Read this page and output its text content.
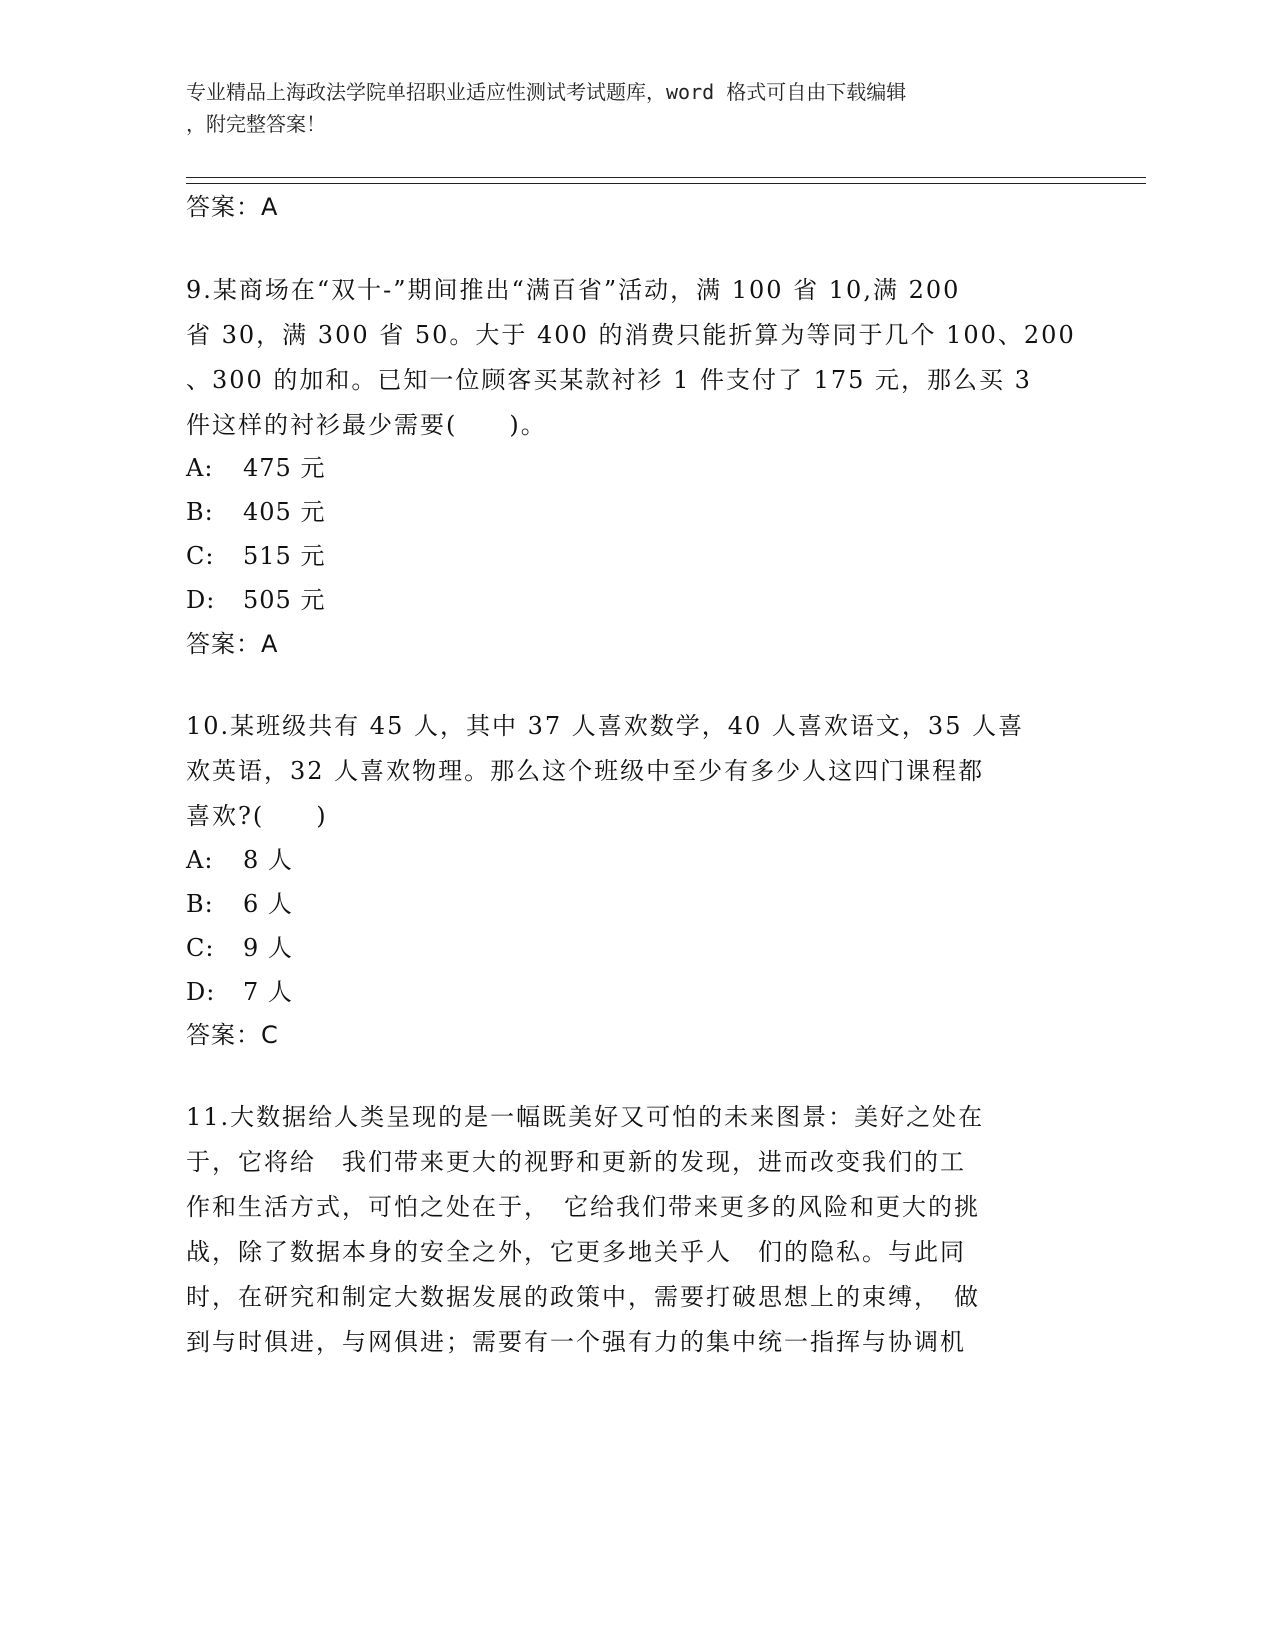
专业精品上海政法学院单招职业适应性测试考试题库，word 格式可自由下载编辑
，附完整答案！
答案：A
9.某商场在“双十-”期间推出“满百省”活动，满 100 省 10,满 200
省 30，满 300 省 50。大于 400 的消费只能折算为等同于几个 100、200
、300 的加和。已知一位顾客买某款衬衫 1 件支付了 175 元，那么买 3
件这样的衬衫最少需要(　　)。
A: 475 元
B: 405 元
C: 515 元
D: 505 元
答案：A
10.某班级共有 45 人，其中 37 人喜欢数学，40 人喜欢语文，35 人喜
欢英语，32 人喜欢物理。那么这个班级中至少有多少人这四门课程都
喜欢?(　　)
A: 8 人
B: 6 人
C: 9 人
D: 7 人
答案：C
11.大数据给人类呈现的是一幅既美好又可怕的未来图景：美好之处在
于，它将给　我们带来更大的视野和更新的发现，进而改变我们的工
作和生活方式，可怕之处在于，　它给我们带来更多的风险和更大的挑
战，除了数据本身的安全之外，它更多地关乎人　们的隐私。与此同
时，在研究和制定大数据发展的政策中，需要打破思想上的束缚，　做
到与时俱进，与网俱进；需要有一个强有力的集中统一指挥与协调机
